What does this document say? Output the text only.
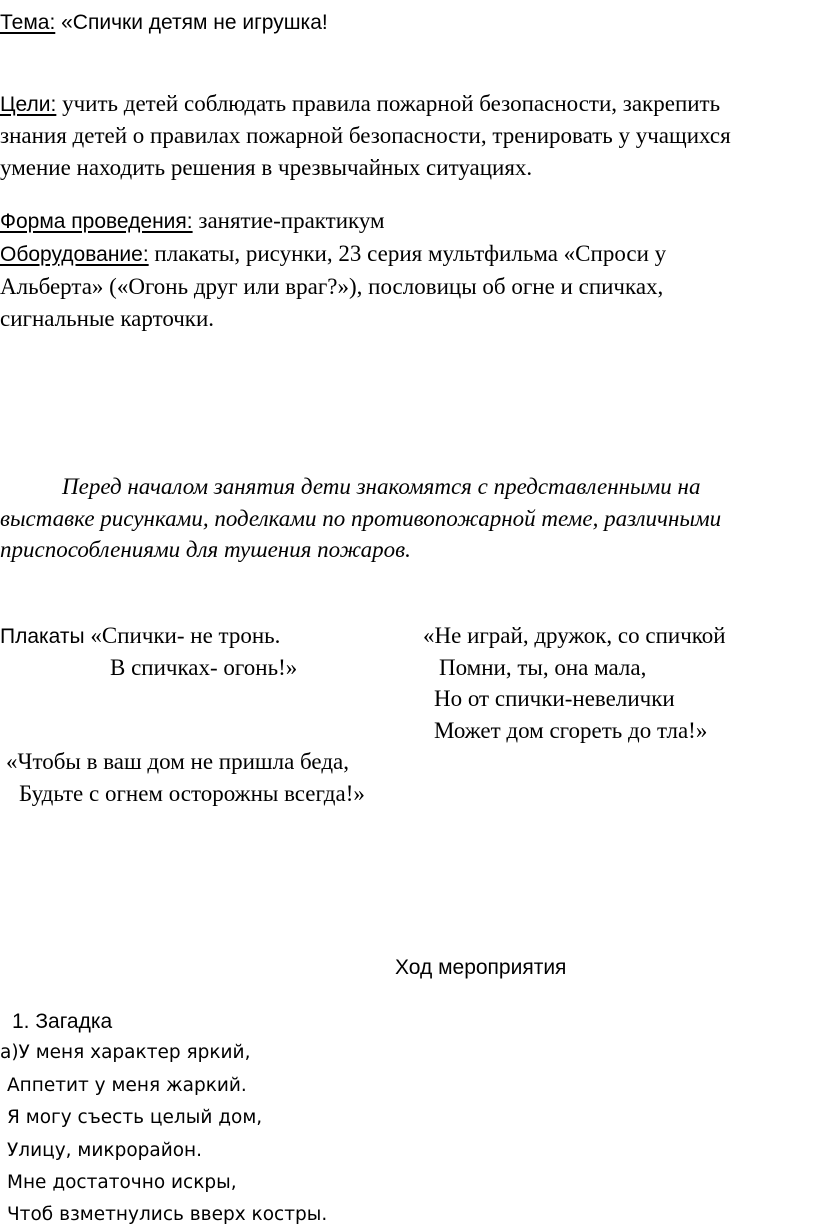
Тема: «Спички детям не игрушка!
Цели: учить детей соблюдать правила пожарной безопасности, закрепить
знания детей о правилах пожарной безопасности, тренировать у учащихся
умение находить решения в чрезвычайных ситуациях.
Форма проведения: занятие-практикум
Оборудование: плакаты, рисунки, 23 серия мультфильма «Спроси у
Альберта» («Огонь друг или враг?»), пословицы об огне и спичках,
сигнальные карточки.
Перед началом занятия дети знакомятся с представленными на
выставке рисунками, поделками по противопожарной теме, различными
приспособлениями для тушения пожаров.
Плакаты «Спички- не тронь.
В спичках- огонь!»
«Не играй, дружок, со спичкой
Помни, ты, она мала,
Но от спички-невелички
Может дом сгореть до тла!»
«Чтобы в ваш дом не пришла беда,
Будьте с огнем осторожны всегда!»
Ход мероприятия
1. Загадка
а)У меня характер яркий,
Аппетит у меня жаркий.
Я могу съесть целый дом,
Улицу, микрорайон.
Мне достаточно искры,
Чтоб взметнулись вверх костры.
